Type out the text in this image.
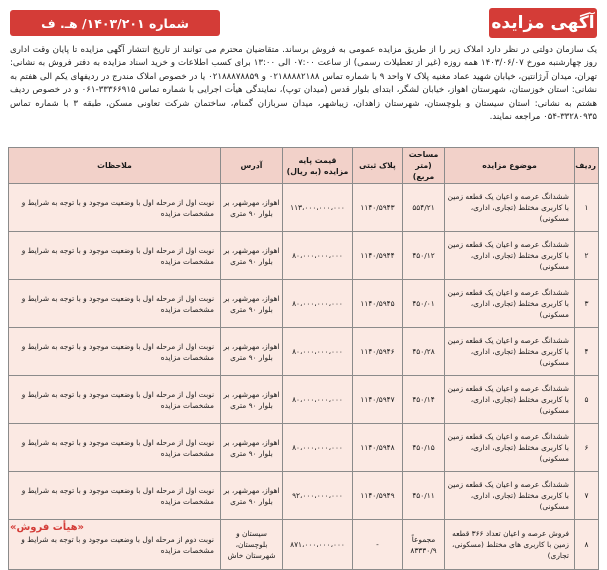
آگهی مزایده
شماره ۱۴۰۳/۲۰۱/ هـ. ف

یک سازمان دولتی در نظر دارد املاک زیر را از طریق مزایده عمومی به فروش برساند. متقاضیان محترم می توانند از تاریخ انتشار آگهی مزایده تا پایان وقت اداری روز چهارشنبه مورخ ۱۴۰۳/۰۶/۰۷ همه روزه (غیر از تعطیلات رسمی) از ساعت ۰۷:۰۰ الی ۱۳:۰۰ برای کسب اطلاعات و خرید اسناد مزایده به دفتر فروش به نشانی: تهران، میدان آرژانتین، خیابان شهید عماد مغنیه پلاک ۷ واحد ۹ با شماره تماس ۰۲۱۸۸۸۸۲۱۸۸ و ۰۲۱۸۸۸۷۸۸۵۹ یا در خصوص املاک مندرج در ردیفهای یکم الی هفتم به نشانی: استان خوزستان، شهرستان اهواز، خیابان لشگر، ابتدای بلوار قدس (میدان توپ)، نمایندگی هیأت اجرایی با شماره تماس ۳۳۳۶۶۹۱۵-۰۶۱ و در خصوص ردیف هشتم به نشانی: استان سیستان و بلوچستان، شهرستان زاهدان، زیباشهر، میدان سربازان گمنام، ساختمان شرکت تعاونی مسکن، طبقه ۳ با شماره تماس ۳۳۲۸۰۹۳۵-۰۵۴ مراجعه نمایند.

ردیف	موضوع مزایده	مساحت (متر مربع)	پلاک ثبتی	قیمت پایه مزایده (به ریال)	آدرس	ملاحظات
۱	ششدانگ عرصه و اعیان یک قطعه زمین با کاربری مختلط (تجاری، اداری، مسکونی)	۵۵۴/۲۱	۱۱۴۰/۵۹۴۳	۱۱۳،۰۰۰،۰۰۰،۰۰۰	اهواز، مهرشهر، بر بلوار ۹۰ متری	نوبت اول از مرحله اول با وضعیت موجود و با توجه به شرایط و مشخصات مزایده
۲	ششدانگ عرصه و اعیان یک قطعه زمین با کاربری مختلط (تجاری، اداری، مسکونی)	۴۵۰/۱۲	۱۱۴۰/۵۹۴۴	۸۰،۰۰۰،۰۰۰،۰۰۰	اهواز، مهرشهر، بر بلوار ۹۰ متری	نوبت اول از مرحله اول با وضعیت موجود و با توجه به شرایط و مشخصات مزایده
۳	ششدانگ عرصه و اعیان یک قطعه زمین با کاربری مختلط (تجاری، اداری، مسکونی)	۴۵۰/۰۱	۱۱۴۰/۵۹۴۵	۸۰،۰۰۰،۰۰۰،۰۰۰	اهواز، مهرشهر، بر بلوار ۹۰ متری	نوبت اول از مرحله اول با وضعیت موجود و با توجه به شرایط و مشخصات مزایده
۴	ششدانگ عرصه و اعیان یک قطعه زمین با کاربری مختلط (تجاری، اداری، مسکونی)	۴۵۰/۲۸	۱۱۴۰/۵۹۴۶	۸۰،۰۰۰،۰۰۰،۰۰۰	اهواز، مهرشهر، بر بلوار ۹۰ متری	نوبت اول از مرحله اول با وضعیت موجود و با توجه به شرایط و مشخصات مزایده
۵	ششدانگ عرصه و اعیان یک قطعه زمین با کاربری مختلط (تجاری، اداری، مسکونی)	۴۵۰/۱۴	۱۱۴۰/۵۹۴۷	۸۰،۰۰۰،۰۰۰،۰۰۰	اهواز، مهرشهر، بر بلوار ۹۰ متری	نوبت اول از مرحله اول با وضعیت موجود و با توجه به شرایط و مشخصات مزایده
۶	ششدانگ عرصه و اعیان یک قطعه زمین با کاربری مختلط (تجاری، اداری، مسکونی)	۴۵۰/۱۵	۱۱۴۰/۵۹۴۸	۸۰،۰۰۰،۰۰۰،۰۰۰	اهواز، مهرشهر، بر بلوار ۹۰ متری	نوبت اول از مرحله اول با وضعیت موجود و با توجه به شرایط و مشخصات مزایده
۷	ششدانگ عرصه و اعیان یک قطعه زمین با کاربری مختلط (تجاری، اداری، مسکونی)	۴۵۰/۱۱	۱۱۴۰/۵۹۴۹	۹۲،۰۰۰،۰۰۰،۰۰۰	اهواز، مهرشهر، بر بلوار ۹۰ متری	نوبت اول از مرحله اول با وضعیت موجود و با توجه به شرایط و مشخصات مزایده
۸	فروش عرصه و اعیان تعداد ۳۶۶ قطعه زمین با کاربری های مختلط (مسکونی، تجاری)	مجموعاً ۸۳۳۳۰/۹	-	۸۷۱،۰۰۰،۰۰۰،۰۰۰	سیستان و بلوچستان، شهرستان خاش	نوبت دوم از مرحله اول با وضعیت موجود و با توجه به شرایط و مشخصات مزایده
«هیأت فروش»
